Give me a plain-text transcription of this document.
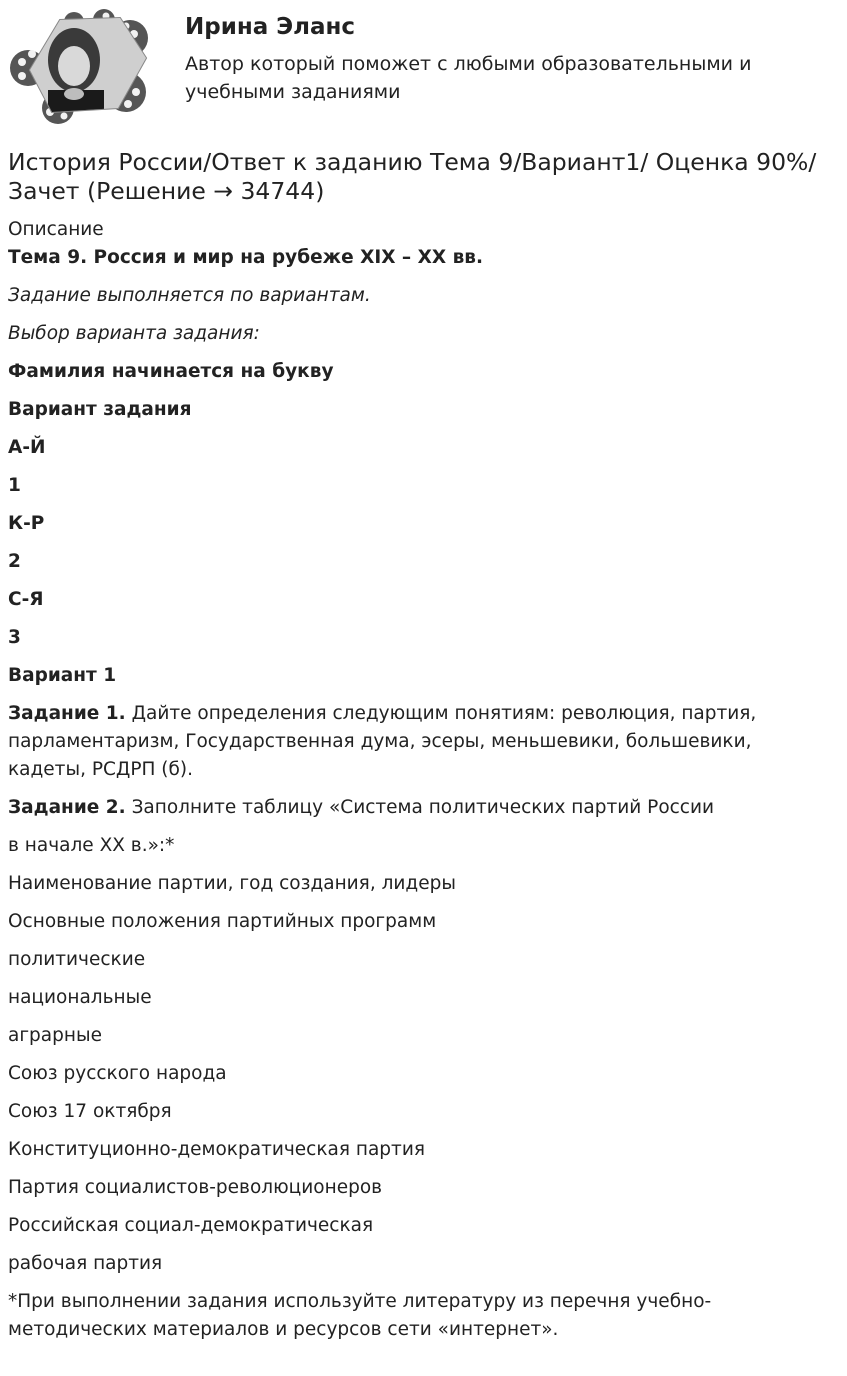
Ирина Эланс
Автор который поможет с любыми образовательными и учебными заданиями
История России/Ответ к заданию Тема 9/Вариант1/ Оценка 90%/Зачет (Решение → 34744)

Описание

Тема 9. Россия и мир на рубеже XIX – XX вв.

Задание выполняется по вариантам.

Выбор варианта задания:

Фамилия начинается на букву

Вариант задания

А-Й

1

К-Р

2

С-Я

3

Вариант 1

Задание 1. Дайте определения следующим понятиям: революция, партия, парламентаризм, Государственная дума, эсеры, меньшевики, большевики, кадеты, РСДРП (б).

Задание 2. Заполните таблицу «Система политических партий России

в начале XX в.»:*

Наименование партии, год создания, лидеры

Основные положения партийных программ

политические

национальные

аграрные

Союз русского народа

Союз 17 октября

Конституционно-демократическая партия

Партия социалистов-революционеров

Российская социал-демократическая

рабочая партия

*При выполнении задания используйте литературу из перечня учебно-методических материалов и ресурсов сети «интернет».
